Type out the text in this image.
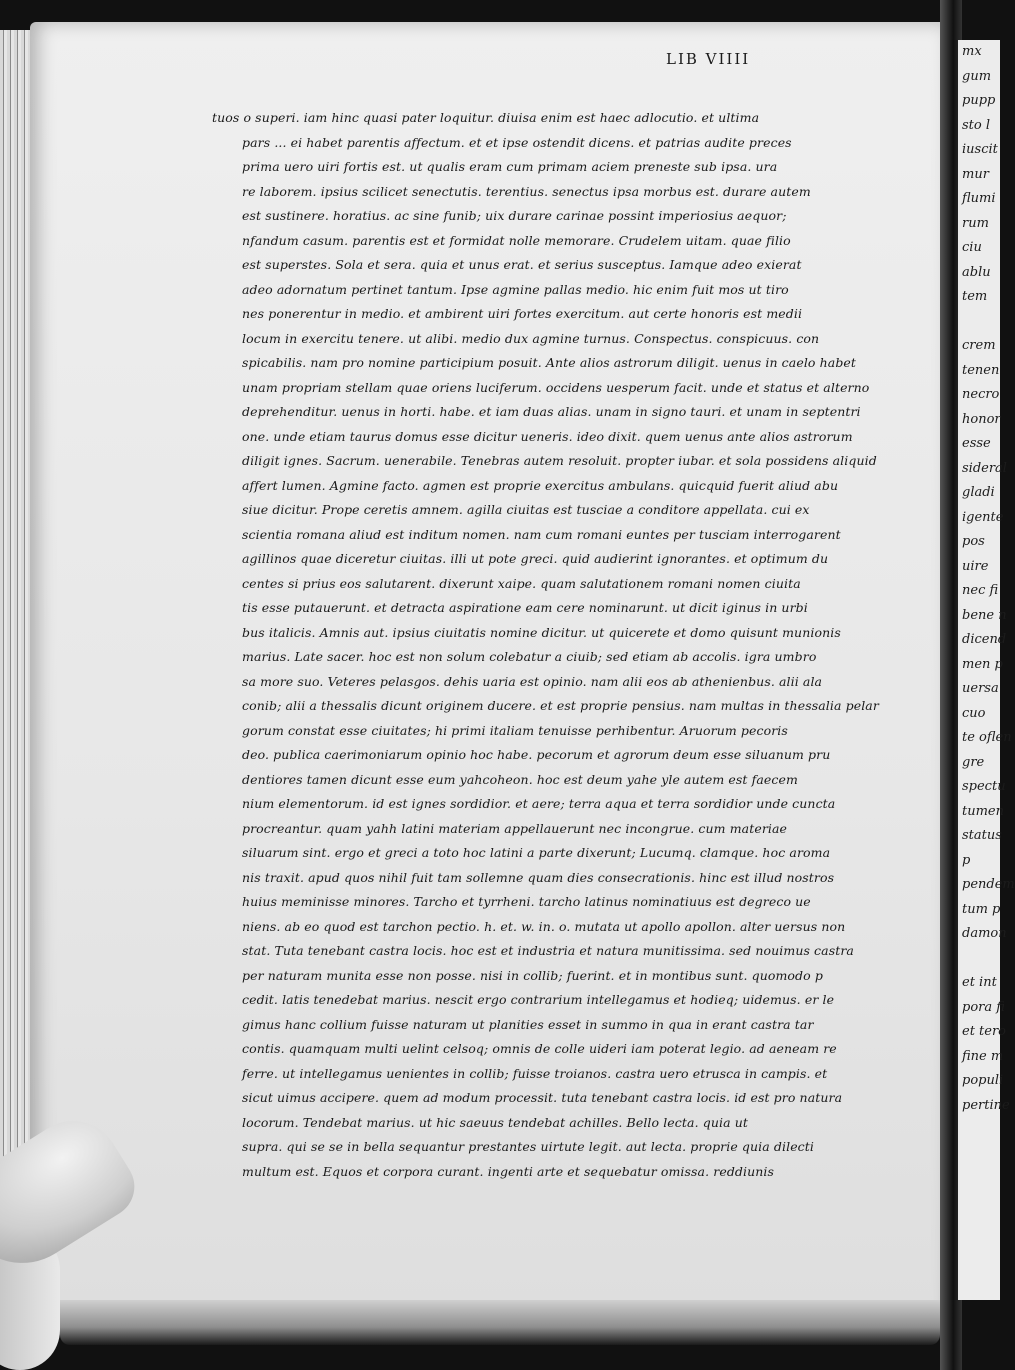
mx
gum
pupp
sto l
iuscit
mur
flumi
rum
ciu
ablu
tem
crem
tenen
necro
honor
esse
sideral
gladi
igente
pos
uire
nec fi
bene n
dicend
men p
uersa
cuo
te oflen
gre
spectu
tumen
status
p
pendem
tum p
damon
et int
pora fi
et tero
fine m
populi
pertine
LIB VIIII
tuos o superi. iam hinc quasi pater loquitur. diuisa enim est haec adlocutio. et ultima
pars ... ei habet parentis affectum. et et ipse ostendit dicens. et patrias audite preces
prima uero uiri fortis est. ut qualis eram cum primam aciem preneste sub ipsa. ura
re laborem. ipsius scilicet senectutis. terentius. senectus ipsa morbus est. durare autem
est sustinere. horatius. ac sine funib; uix durare carinae possint imperiosius aequor;
nfandum casum. parentis est et formidat nolle memorare. Crudelem uitam. quae filio
est superstes. Sola et sera. quia et unus erat. et serius susceptus. Iamque adeo exierat
adeo adornatum pertinet tantum. Ipse agmine pallas medio. hic enim fuit mos ut tiro
nes ponerentur in medio. et ambirent uiri fortes exercitum. aut certe honoris est medii
locum in exercitu tenere. ut alibi. medio dux agmine turnus. Conspectus. conspicuus. con
spicabilis. nam pro nomine participium posuit. Ante alios astrorum diligit. uenus in caelo habet
unam propriam stellam quae oriens luciferum. occidens uesperum facit. unde et status et alterno
deprehenditur. uenus in horti. habe. et iam duas alias. unam in signo tauri. et unam in septentri
one. unde etiam taurus domus esse dicitur ueneris. ideo dixit. quem uenus ante alios astrorum
diligit ignes. Sacrum. uenerabile. Tenebras autem resoluit. propter iubar. et sola possidens aliquid
affert lumen. Agmine facto. agmen est proprie exercitus ambulans. quicquid fuerit aliud abu
siue dicitur. Prope ceretis amnem. agilla ciuitas est tusciae a conditore appellata. cui ex
scientia romana aliud est inditum nomen. nam cum romani euntes per tusciam interrogarent
agillinos quae diceretur ciuitas. illi ut pote greci. quid audierint ignorantes. et optimum du
centes si prius eos salutarent. dixerunt xaipe. quam salutationem romani nomen ciuita
tis esse putauerunt. et detracta aspiratione eam cere nominarunt. ut dicit iginus in urbi
bus italicis. Amnis aut. ipsius ciuitatis nomine dicitur. ut quicerete et domo quisunt munionis
marius. Late sacer. hoc est non solum colebatur a ciuib; sed etiam ab accolis. igra umbro
sa more suo. Veteres pelasgos. dehis uaria est opinio. nam alii eos ab athenienbus. alii ala
conib; alii a thessalis dicunt originem ducere. et est proprie pensius. nam multas in thessalia pelar
gorum constat esse ciuitates; hi primi italiam tenuisse perhibentur. Aruorum pecoris
deo. publica caerimoniarum opinio hoc habe. pecorum et agrorum deum esse siluanum pru
dentiores tamen dicunt esse eum yahcoheon. hoc est deum yahe yle autem est faecem
nium elementorum. id est ignes sordidior. et aere; terra aqua et terra sordidior unde cuncta
procreantur. quam yahh latini materiam appellauerunt nec incongrue. cum materiae
siluarum sint. ergo et greci a toto hoc latini a parte dixerunt; Lucumq. clamque. hoc aroma
nis traxit. apud quos nihil fuit tam sollemne quam dies consecrationis. hinc est illud nostros
huius meminisse minores. Tarcho et tyrrheni. tarcho latinus nominatiuus est degreco ue
niens. ab eo quod est tarchon pectio. h. et. w. in. o. mutata ut apollo apollon. alter uersus non
stat. Tuta tenebant castra locis. hoc est et industria et natura munitissima. sed nouimus castra
per naturam munita esse non posse. nisi in collib; fuerint. et in montibus sunt. quomodo p
cedit. latis tenedebat marius. nescit ergo contrarium intellegamus et hodieq; uidemus. er le
gimus hanc collium fuisse naturam ut planities esset in summo in qua in erant castra tar
contis. quamquam multi uelint celsoq; omnis de colle uideri iam poterat legio. ad aeneam re
ferre. ut intellegamus uenientes in collib; fuisse troianos. castra uero etrusca in campis. et
sicut uimus accipere. quem ad modum processit. tuta tenebant castra locis. id est pro natura
locorum. Tendebat marius. ut hic saeuus tendebat achilles. Bello lecta. quia ut
supra. qui se se in bella sequantur prestantes uirtute legit. aut lecta. proprie quia dilecti
multum est. Equos et corpora curant. ingenti arte et sequebatur omissa. reddiunis
